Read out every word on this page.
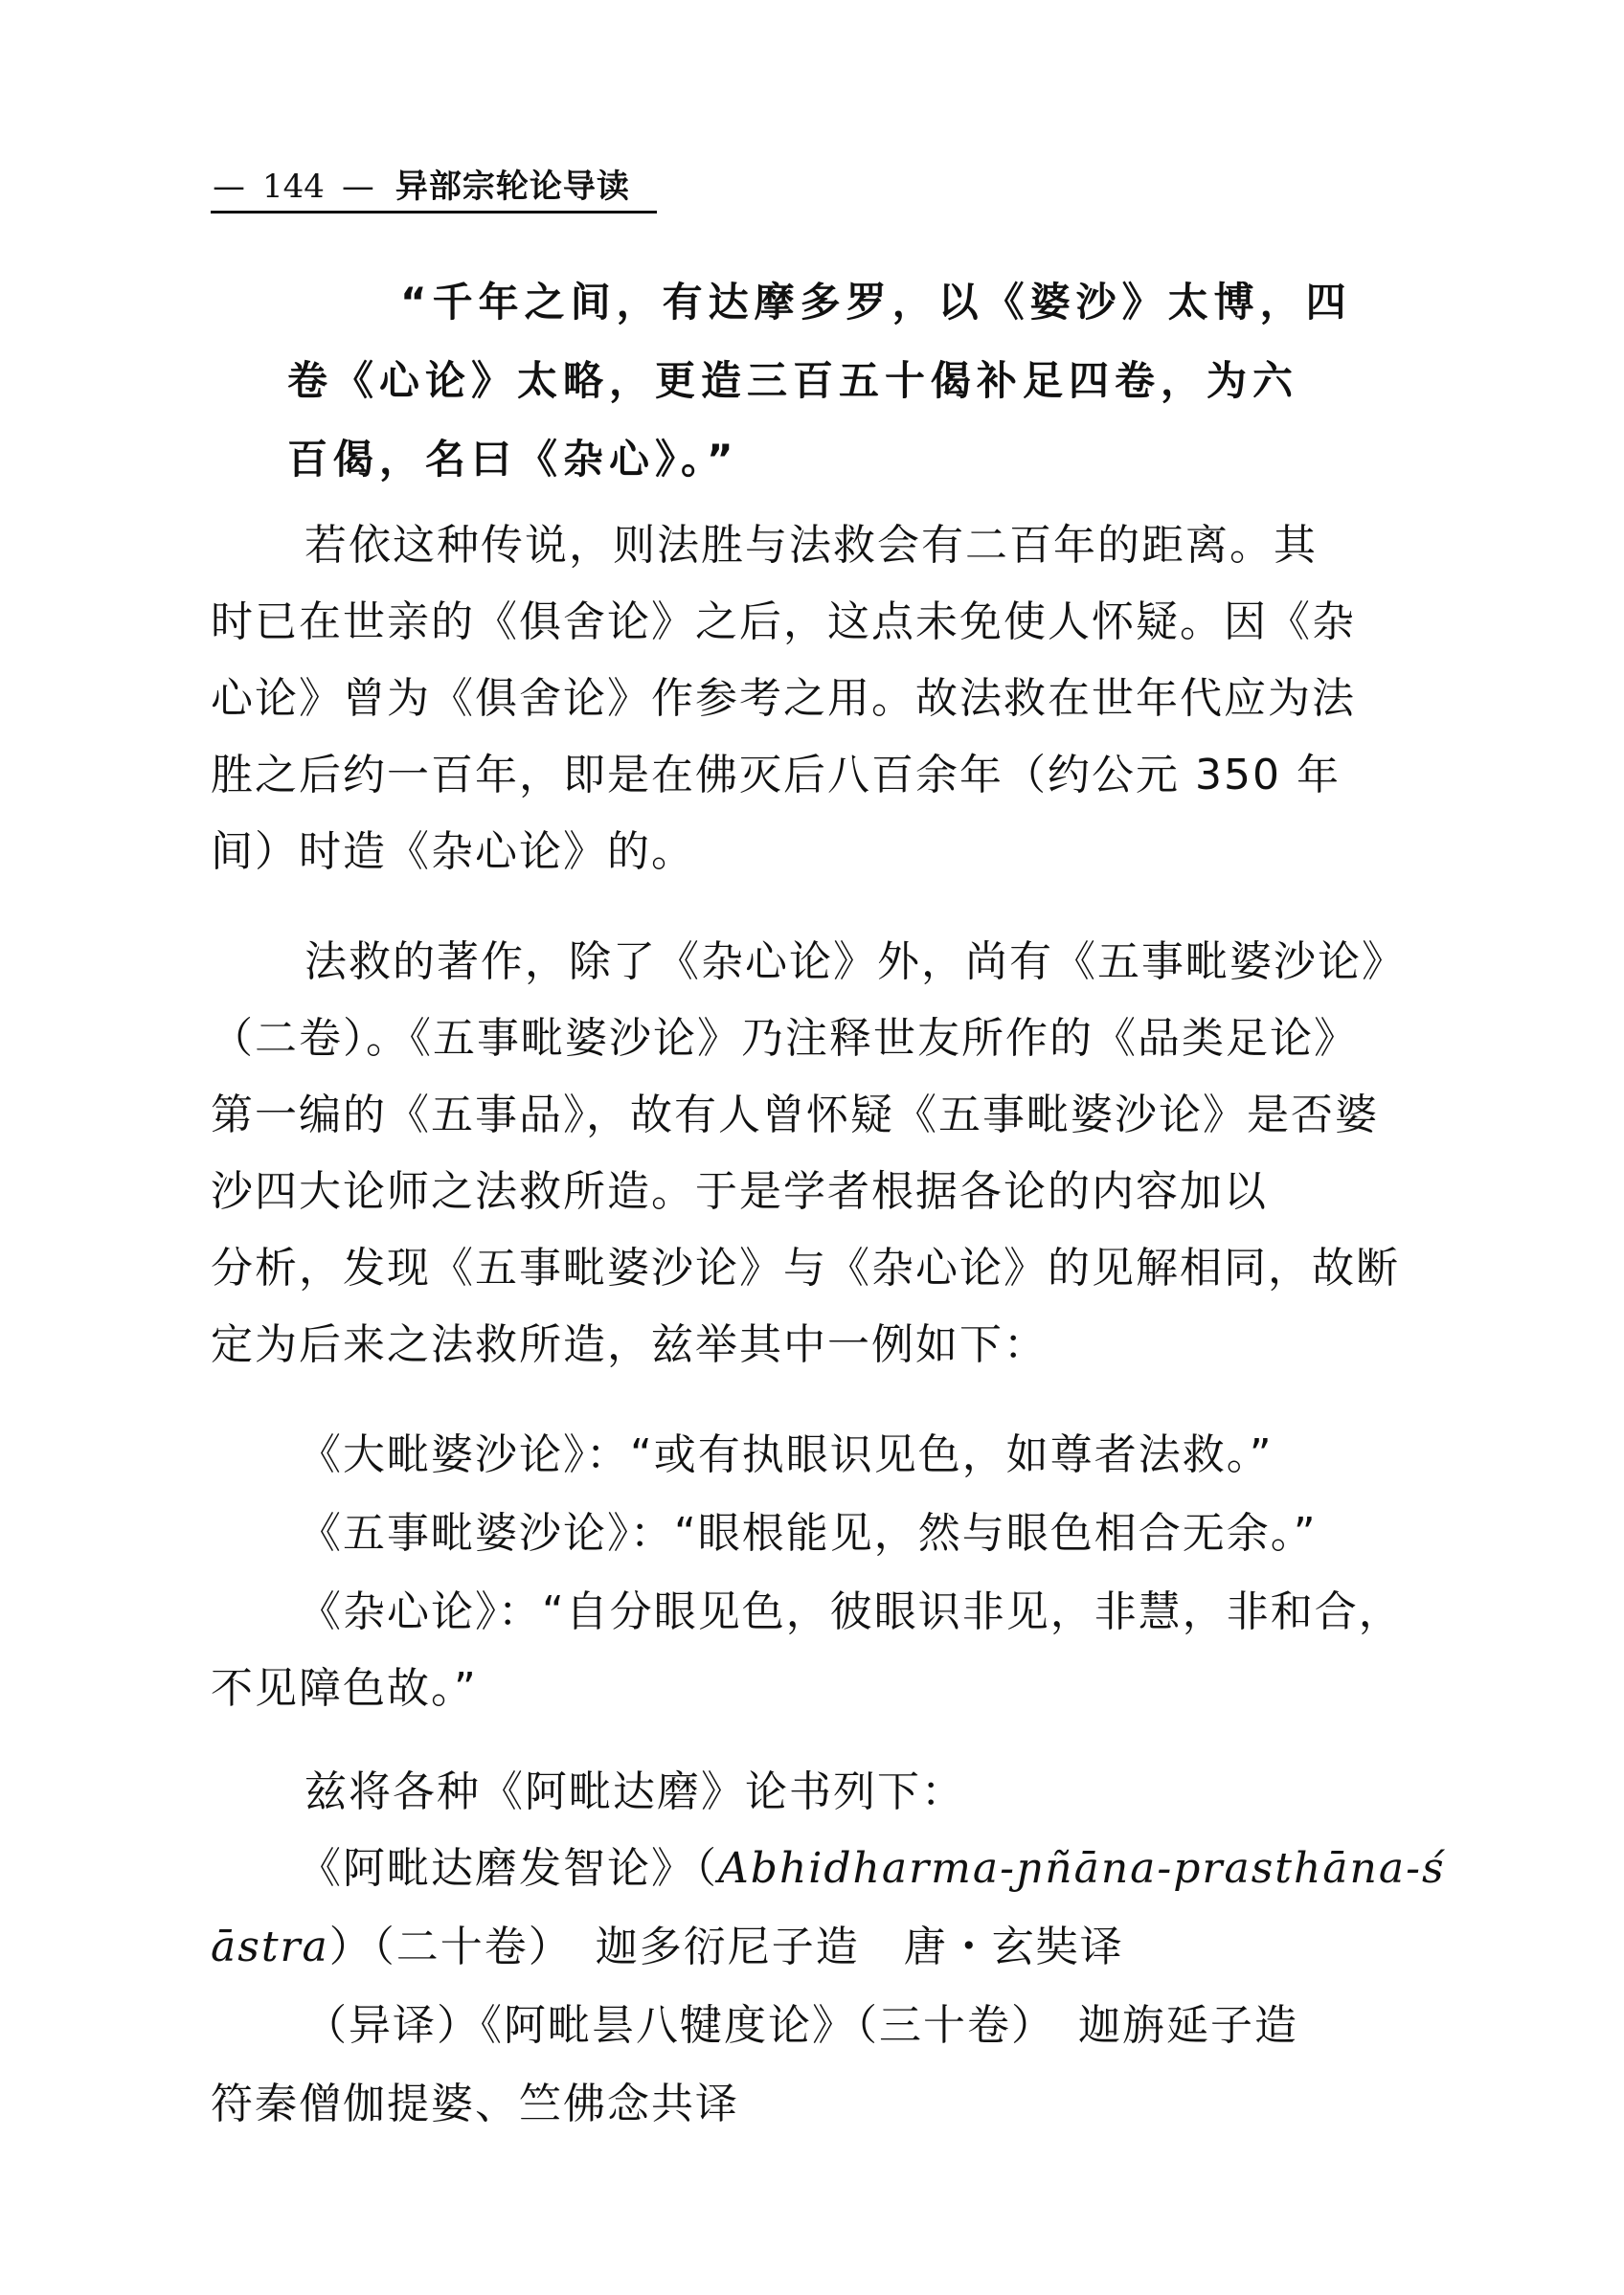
— 144 — 异部宗轮论导读
“千年之间，有达摩多罗，以《婆沙》太博，四
卷《心论》太略，更造三百五十偈补足四卷，为六
百偈，名曰《杂心》。”
若依这种传说，则法胜与法救会有二百年的距离。其
时已在世亲的《俱舍论》之后，这点未免使人怀疑。因《杂
心论》曾为《俱舍论》作参考之用。故法救在世年代应为法
胜之后约一百年，即是在佛灭后八百余年（约公元 350 年
间）时造《杂心论》的。
法救的著作，除了《杂心论》外，尚有《五事毗婆沙论》
（二卷）。《五事毗婆沙论》乃注释世友所作的《品类足论》
第一编的《五事品》，故有人曾怀疑《五事毗婆沙论》是否婆
沙四大论师之法救所造。于是学者根据各论的内容加以
分析，发现《五事毗婆沙论》与《杂心论》的见解相同，故断
定为后来之法救所造，兹举其中一例如下：
《大毗婆沙论》：“或有执眼识见色，如尊者法救。”
《五事毗婆沙论》：“眼根能见，然与眼色相合无余。”
《杂心论》：“自分眼见色，彼眼识非见，非慧，非和合，
不见障色故。”
兹将各种《阿毗达磨》论书列下：
《阿毗达磨发智论》（Abhidharma-ɲñāna-prasthāna-ś
āstra）（二十卷）　迦多衍尼子造　唐・玄奘译
（异译）《阿毗昙八犍度论》（三十卷）　迦旃延子造
符秦僧伽提婆、竺佛念共译
